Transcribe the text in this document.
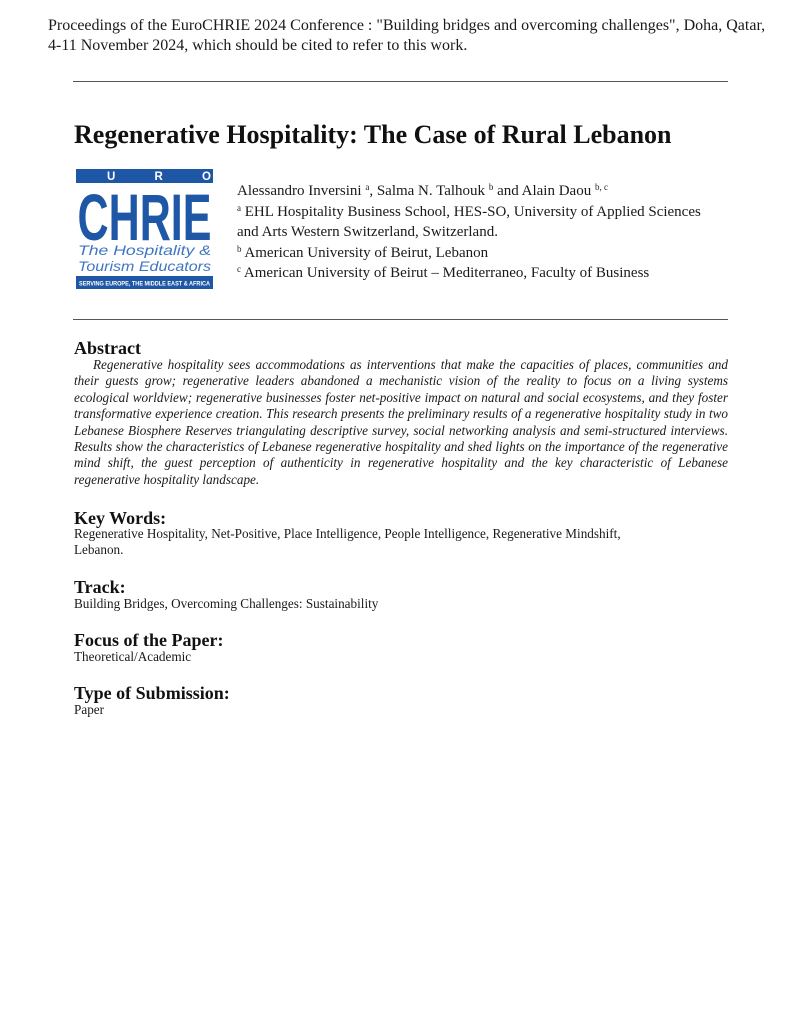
Proceedings of the EuroCHRIE 2024 Conference : "Building bridges and overcoming challenges", Doha, Qatar, 4-11 November 2024, which should be cited to refer to this work.
Regenerative Hospitality: The Case of Rural Lebanon
U R
CHRIE
The Hospitality &
Tourism Educators
SERVING EUROPE, THE MIDDLE EAST & AFRICA
Alessandro Inversini $^a$, Salma N. Talhouk $^b$ and Alain Daou $^{b, c}$
$^a$ EHL Hospitality Business School, HES-SO, University of Applied Sciences
and Arts Western Switzerland, Switzerland.
$^b$ American University of Beirut, Lebanon
$^c$ American University of Beirut – Mediterraneo, Faculty of Business
Abstract
Regenerative hospitality sees accommodations as interventions that make the capacities of places, communities and their guests grow; regenerative leaders abandoned a mechanistic vision of the reality to focus on a living systems ecological worldview; regenerative businesses foster net-positive impact on natural and social ecosystems, and they foster transformative experience creation. This research presents the preliminary results of a regenerative hospitality study in two Lebanese Biosphere Reserves triangulating descriptive survey, social networking analysis and semi-structured interviews. Results show the characteristics of Lebanese regenerative hospitality and shed lights on the importance of the regenerative mind shift, the guest perception of authenticity in regenerative hospitality and the key characteristic of Lebanese regenerative hospitality landscape.
Key Words:
Regenerative Hospitality, Net-Positive, Place Intelligence, People Intelligence, Regenerative Mindshift,
Lebanon.
Track:
Building Bridges, Overcoming Challenges: Sustainability
Focus of the Paper:
Theoretical/Academic
Type of Submission:
Paper
